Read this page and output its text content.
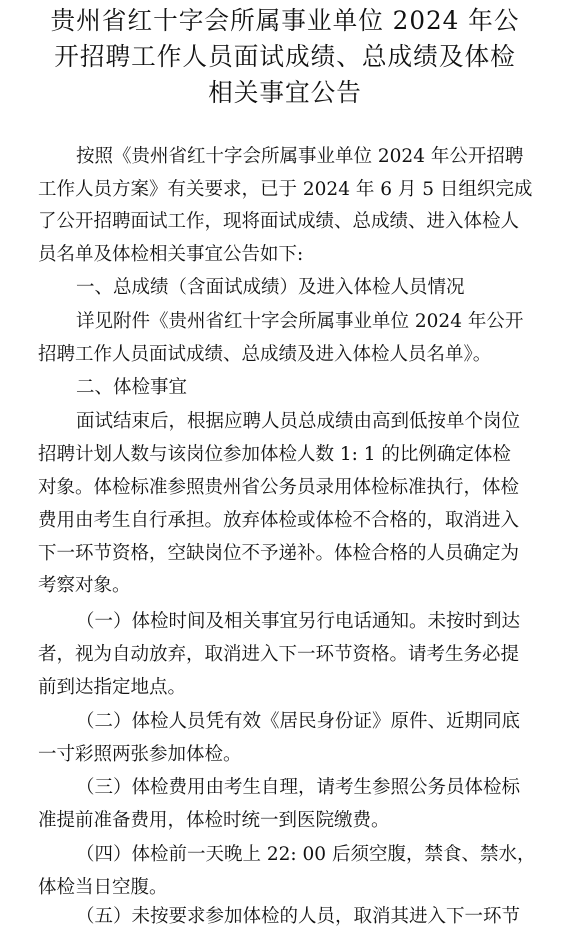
贵州省红十字会所属事业单位 2024 年公
开招聘工作人员面试成绩、总成绩及体检
相关事宜公告
按照《贵州省红十字会所属事业单位 2024 年公开招聘
工作人员方案》有关要求，已于 2024 年 6 月 5 日组织完成
了公开招聘面试工作，现将面试成绩、总成绩、进入体检人
员名单及体检相关事宜公告如下:
一、总成绩（含面试成绩）及进入体检人员情况
详见附件《贵州省红十字会所属事业单位 2024 年公开
招聘工作人员面试成绩、总成绩及进入体检人员名单》。
二、体检事宜
面试结束后，根据应聘人员总成绩由高到低按单个岗位
招聘计划人数与该岗位参加体检人数 1: 1 的比例确定体检
对象。体检标准参照贵州省公务员录用体检标准执行，体检
费用由考生自行承担。放弃体检或体检不合格的，取消进入
下一环节资格，空缺岗位不予递补。体检合格的人员确定为
考察对象。
（一）体检时间及相关事宜另行电话通知。未按时到达
者，视为自动放弃，取消进入下一环节资格。请考生务必提
前到达指定地点。
（二）体检人员凭有效《居民身份证》原件、近期同底
一寸彩照两张参加体检。
（三）体检费用由考生自理，请考生参照公务员体检标
准提前准备费用，体检时统一到医院缴费。
（四）体检前一天晚上 22: 00 后须空腹，禁食、禁水，
体检当日空腹。
（五）未按要求参加体检的人员，取消其进入下一环节
